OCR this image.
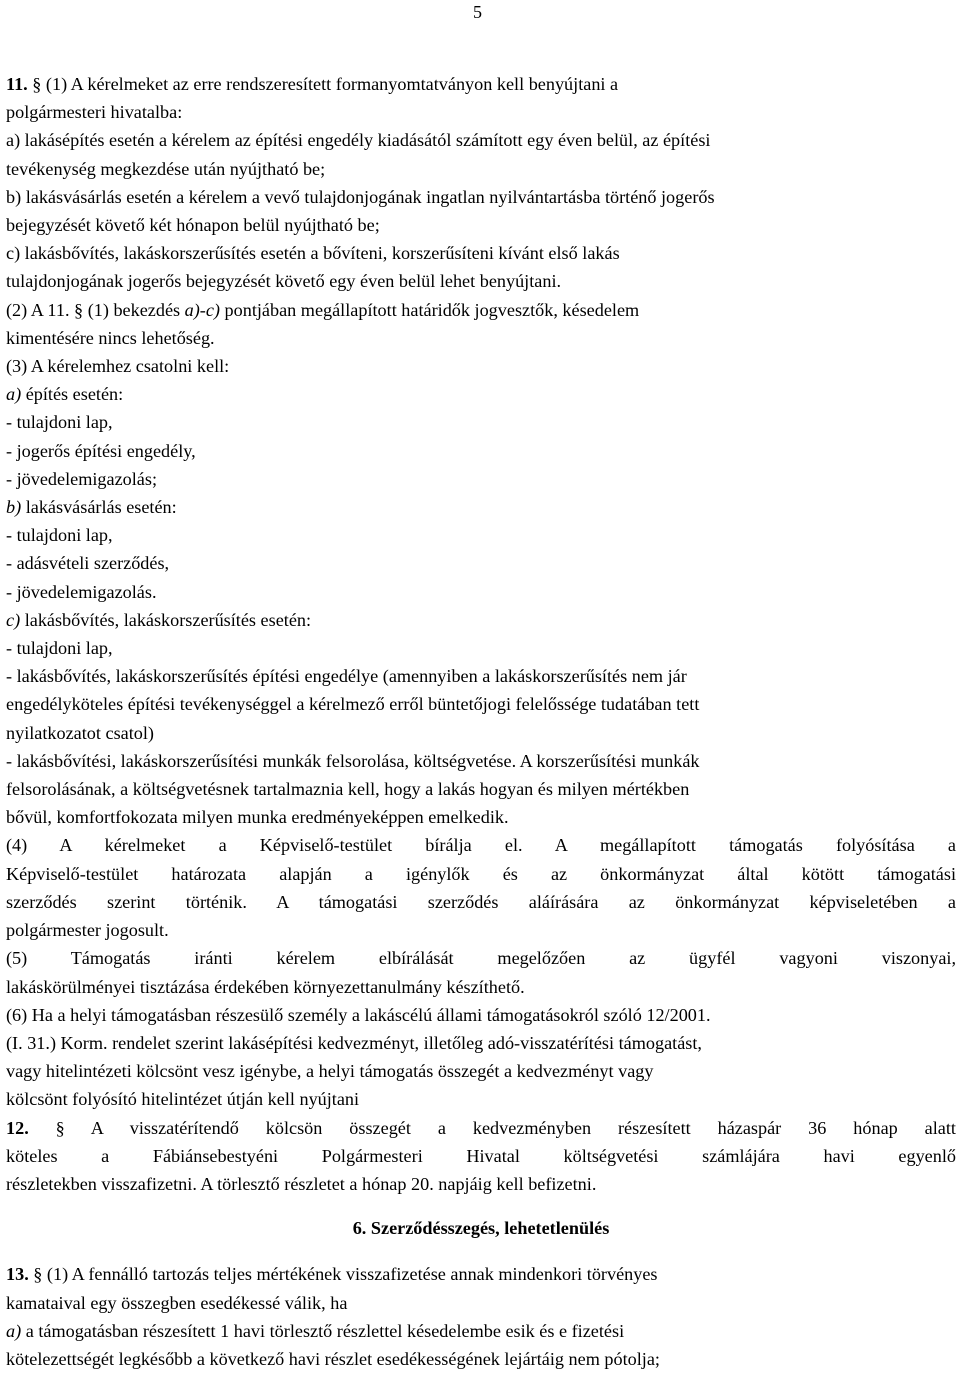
5
11. § (1) A kérelmeket az erre rendszeresített formanyomtatványon kell benyújtani a
polgármesteri hivatalba:
a) lakásépítés esetén a kérelem az építési engedély kiadásától számított egy éven belül, az építési
tevékenység megkezdése után nyújtható be;
b) lakásvásárlás esetén a kérelem a vevő tulajdonjogának ingatlan nyilvántartásba történő jogerős
bejegyzését követő két hónapon belül nyújtható be;
c) lakásbővítés, lakáskorszerűsítés esetén a bővíteni, korszerűsíteni kívánt első lakás
tulajdonjogának jogerős bejegyzését követő egy éven belül lehet benyújtani.
(2) A 11. § (1) bekezdés a)-c) pontjában megállapított határidők jogvesztők, késedelem
kimentésére nincs lehetőség.
(3) A kérelemhez csatolni kell:
a) építés esetén:
- tulajdoni lap,
- jogerős építési engedély,
- jövedelemigazolás;
b) lakásvásárlás esetén:
- tulajdoni lap,
- adásvételi szerződés,
- jövedelemigazolás.
c) lakásbővítés, lakáskorszerűsítés esetén:
- tulajdoni lap,
- lakásbővítés, lakáskorszerűsítés építési engedélye (amennyiben a lakáskorszerűsítés nem jár
engedélyköteles építési tevékenységgel a kérelmező erről büntetőjogi felelőssége tudatában tett
nyilatkozatot csatol)
- lakásbővítési, lakáskorszerűsítési munkák felsorolása, költségvetése. A korszerűsítési munkák
felsorolásának, a költségvetésnek tartalmaznia kell, hogy a lakás hogyan és milyen mértékben
bővül, komfortfokozata milyen munka eredményeképpen emelkedik.
(4) A kérelmeket a Képviselő-testület bírálja el. A megállapított támogatás folyósítása a
Képviselő-testület határozata alapján a igénylők és az önkormányzat által kötött támogatási
szerződés szerint történik. A támogatási szerződés aláírására az önkormányzat képviseletében a
polgármester jogosult.
(5) Támogatás iránti kérelem elbírálását megelőzően az ügyfél vagyoni viszonyai,
lakáskörülményei tisztázása érdekében környezettanulmány készíthető.
(6) Ha a helyi támogatásban részesülő személy a lakáscélú állami támogatásokról szóló 12/2001.
(I. 31.) Korm. rendelet szerint lakásépítési kedvezményt, illetőleg adó-visszatérítési támogatást,
vagy hitelintézeti kölcsönt vesz igénybe, a helyi támogatás összegét a kedvezményt vagy
kölcsönt folyósító hitelintézet útján kell nyújtani
12. § A visszatérítendő kölcsön összegét a kedvezményben részesített házaspár 36 hónap alatt
köteles a Fábiánsebestyéni Polgármesteri Hivatal költségvetési számlájára havi egyenlő
részletekben visszafizetni. A törlesztő részletet a hónap 20. napjáig kell befizetni.
6. Szerződésszegés, lehetetlenülés
13. § (1) A fennálló tartozás teljes mértékének visszafizetése annak mindenkori törvényes
kamataival egy összegben esedékessé válik, ha
a) a támogatásban részesített 1 havi törlesztő részlettel késedelembe esik és e fizetési
kötelezettségét legkésőbb a következő havi részlet esedékességének lejártáig nem pótolja;
